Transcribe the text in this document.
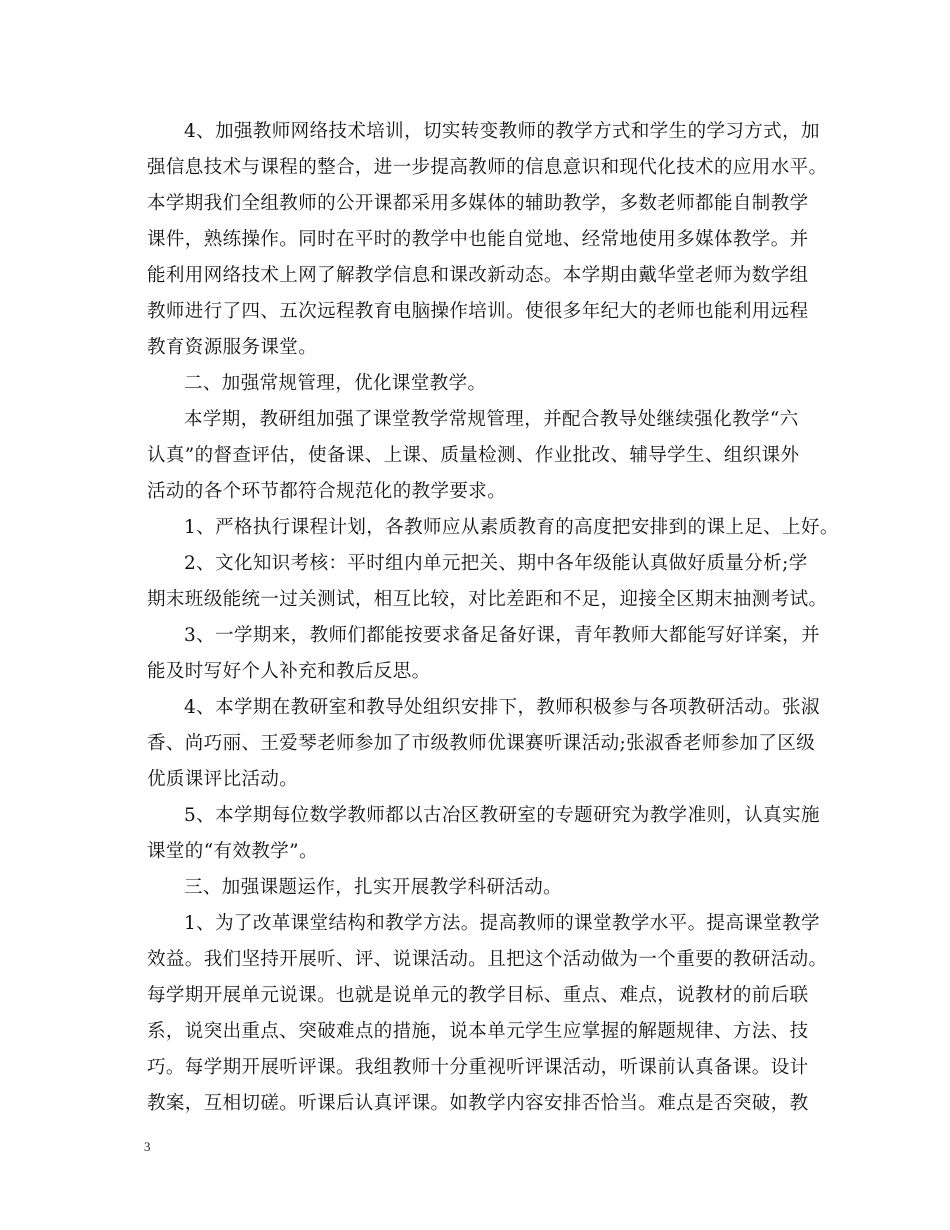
4、加强教师网络技术培训，切实转变教师的教学方式和学生的学习方式，加
强信息技术与课程的整合，进一步提高教师的信息意识和现代化技术的应用水平。
本学期我们全组教师的公开课都采用多媒体的辅助教学，多数老师都能自制教学
课件，熟练操作。同时在平时的教学中也能自觉地、经常地使用多媒体教学。并
能利用网络技术上网了解教学信息和课改新动态。本学期由戴华堂老师为数学组
教师进行了四、五次远程教育电脑操作培训。使很多年纪大的老师也能利用远程
教育资源服务课堂。
二、加强常规管理，优化课堂教学。
本学期，教研组加强了课堂教学常规管理，并配合教导处继续强化教学“六
认真”的督查评估，使备课、上课、质量检测、作业批改、辅导学生、组织课外
活动的各个环节都符合规范化的教学要求。
1、严格执行课程计划，各教师应从素质教育的高度把安排到的课上足、上好。
2、文化知识考核：平时组内单元把关、期中各年级能认真做好质量分析;学
期末班级能统一过关测试，相互比较，对比差距和不足，迎接全区期末抽测考试。
3、一学期来，教师们都能按要求备足备好课，青年教师大都能写好详案，并
能及时写好个人补充和教后反思。
4、本学期在教研室和教导处组织安排下，教师积极参与各项教研活动。张淑
香、尚巧丽、王爱琴老师参加了市级教师优课赛听课活动;张淑香老师参加了区级
优质课评比活动。
5、本学期每位数学教师都以古冶区教研室的专题研究为教学准则，认真实施
课堂的“有效教学”。
三、加强课题运作，扎实开展教学科研活动。
1、为了改革课堂结构和教学方法。提高教师的课堂教学水平。提高课堂教学
效益。我们坚持开展听、评、说课活动。且把这个活动做为一个重要的教研活动。
每学期开展单元说课。也就是说单元的教学目标、重点、难点，说教材的前后联
系，说突出重点、突破难点的措施，说本单元学生应掌握的解题规律、方法、技
巧。每学期开展听评课。我组教师十分重视听评课活动，听课前认真备课。设计
教案，互相切磋。听课后认真评课。如教学内容安排否恰当。难点是否突破，教
3
